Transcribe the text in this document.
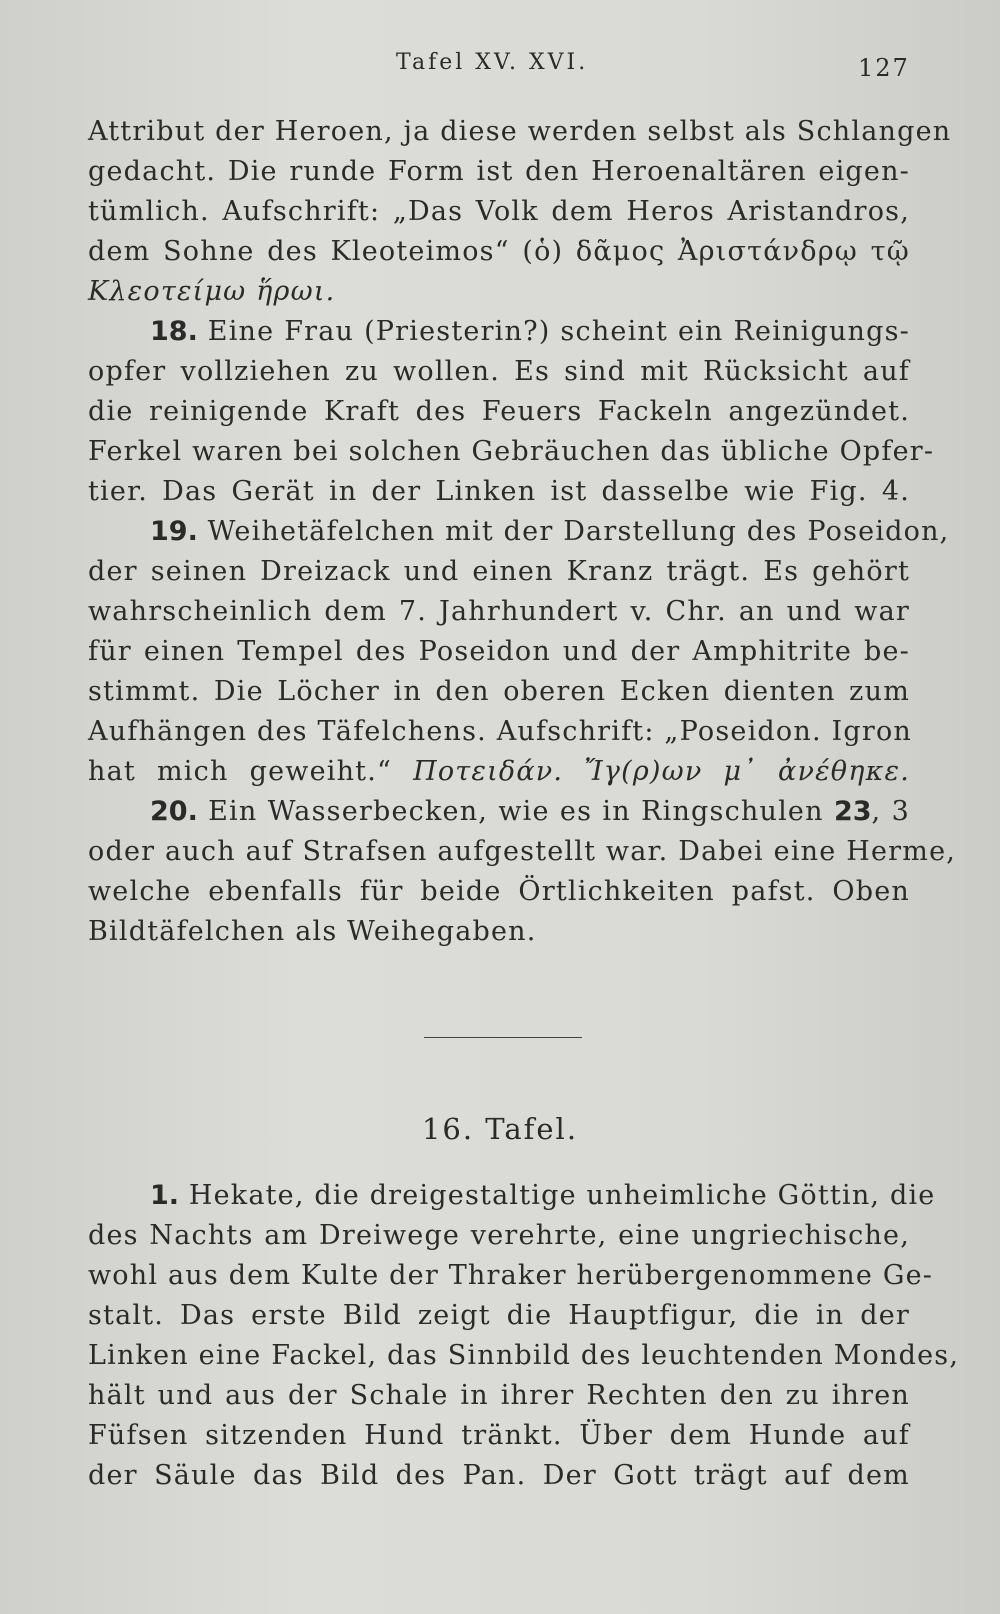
Tafel XV. XVI.	127
Attribut der Heroen, ja diese werden selbst als Schlangen
gedacht. Die runde Form ist den Heroenaltären eigen-
tümlich. Aufschrift: „Das Volk dem Heros Aristandros,
dem Sohne des Kleoteimos“ (ὁ) δᾶμος Ἀριστάνδρῳ τῷ
Κλεοτείμω ἥρωι.
18. Eine Frau (Priesterin?) scheint ein Reinigungs-
opfer vollziehen zu wollen. Es sind mit Rücksicht auf
die reinigende Kraft des Feuers Fackeln angezündet.
Ferkel waren bei solchen Gebräuchen das übliche Opfer-
tier. Das Gerät in der Linken ist dasselbe wie Fig. 4.
19. Weihetäfelchen mit der Darstellung des Poseidon,
der seinen Dreizack und einen Kranz trägt. Es gehört
wahrscheinlich dem 7. Jahrhundert v. Chr. an und war
für einen Tempel des Poseidon und der Amphitrite be-
stimmt. Die Löcher in den oberen Ecken dienten zum
Aufhängen des Täfelchens. Aufschrift: „Poseidon. Igron
hat mich geweiht.“ Ποτειδάν. Ἴγ(ρ)ων μ᾽ ἀνέθηκε.
20. Ein Wasserbecken, wie es in Ringschulen 23, 3
oder auch auf Strafsen aufgestellt war. Dabei eine Herme,
welche ebenfalls für beide Örtlichkeiten pafst. Oben
Bildtäfelchen als Weihegaben.
16. Tafel.
1. Hekate, die dreigestaltige unheimliche Göttin, die
des Nachts am Dreiwege verehrte, eine ungriechische,
wohl aus dem Kulte der Thraker herübergenommene Ge-
stalt. Das erste Bild zeigt die Hauptfigur, die in der
Linken eine Fackel, das Sinnbild des leuchtenden Mondes,
hält und aus der Schale in ihrer Rechten den zu ihren
Füfsen sitzenden Hund tränkt. Über dem Hunde auf
der Säule das Bild des Pan. Der Gott trägt auf dem
